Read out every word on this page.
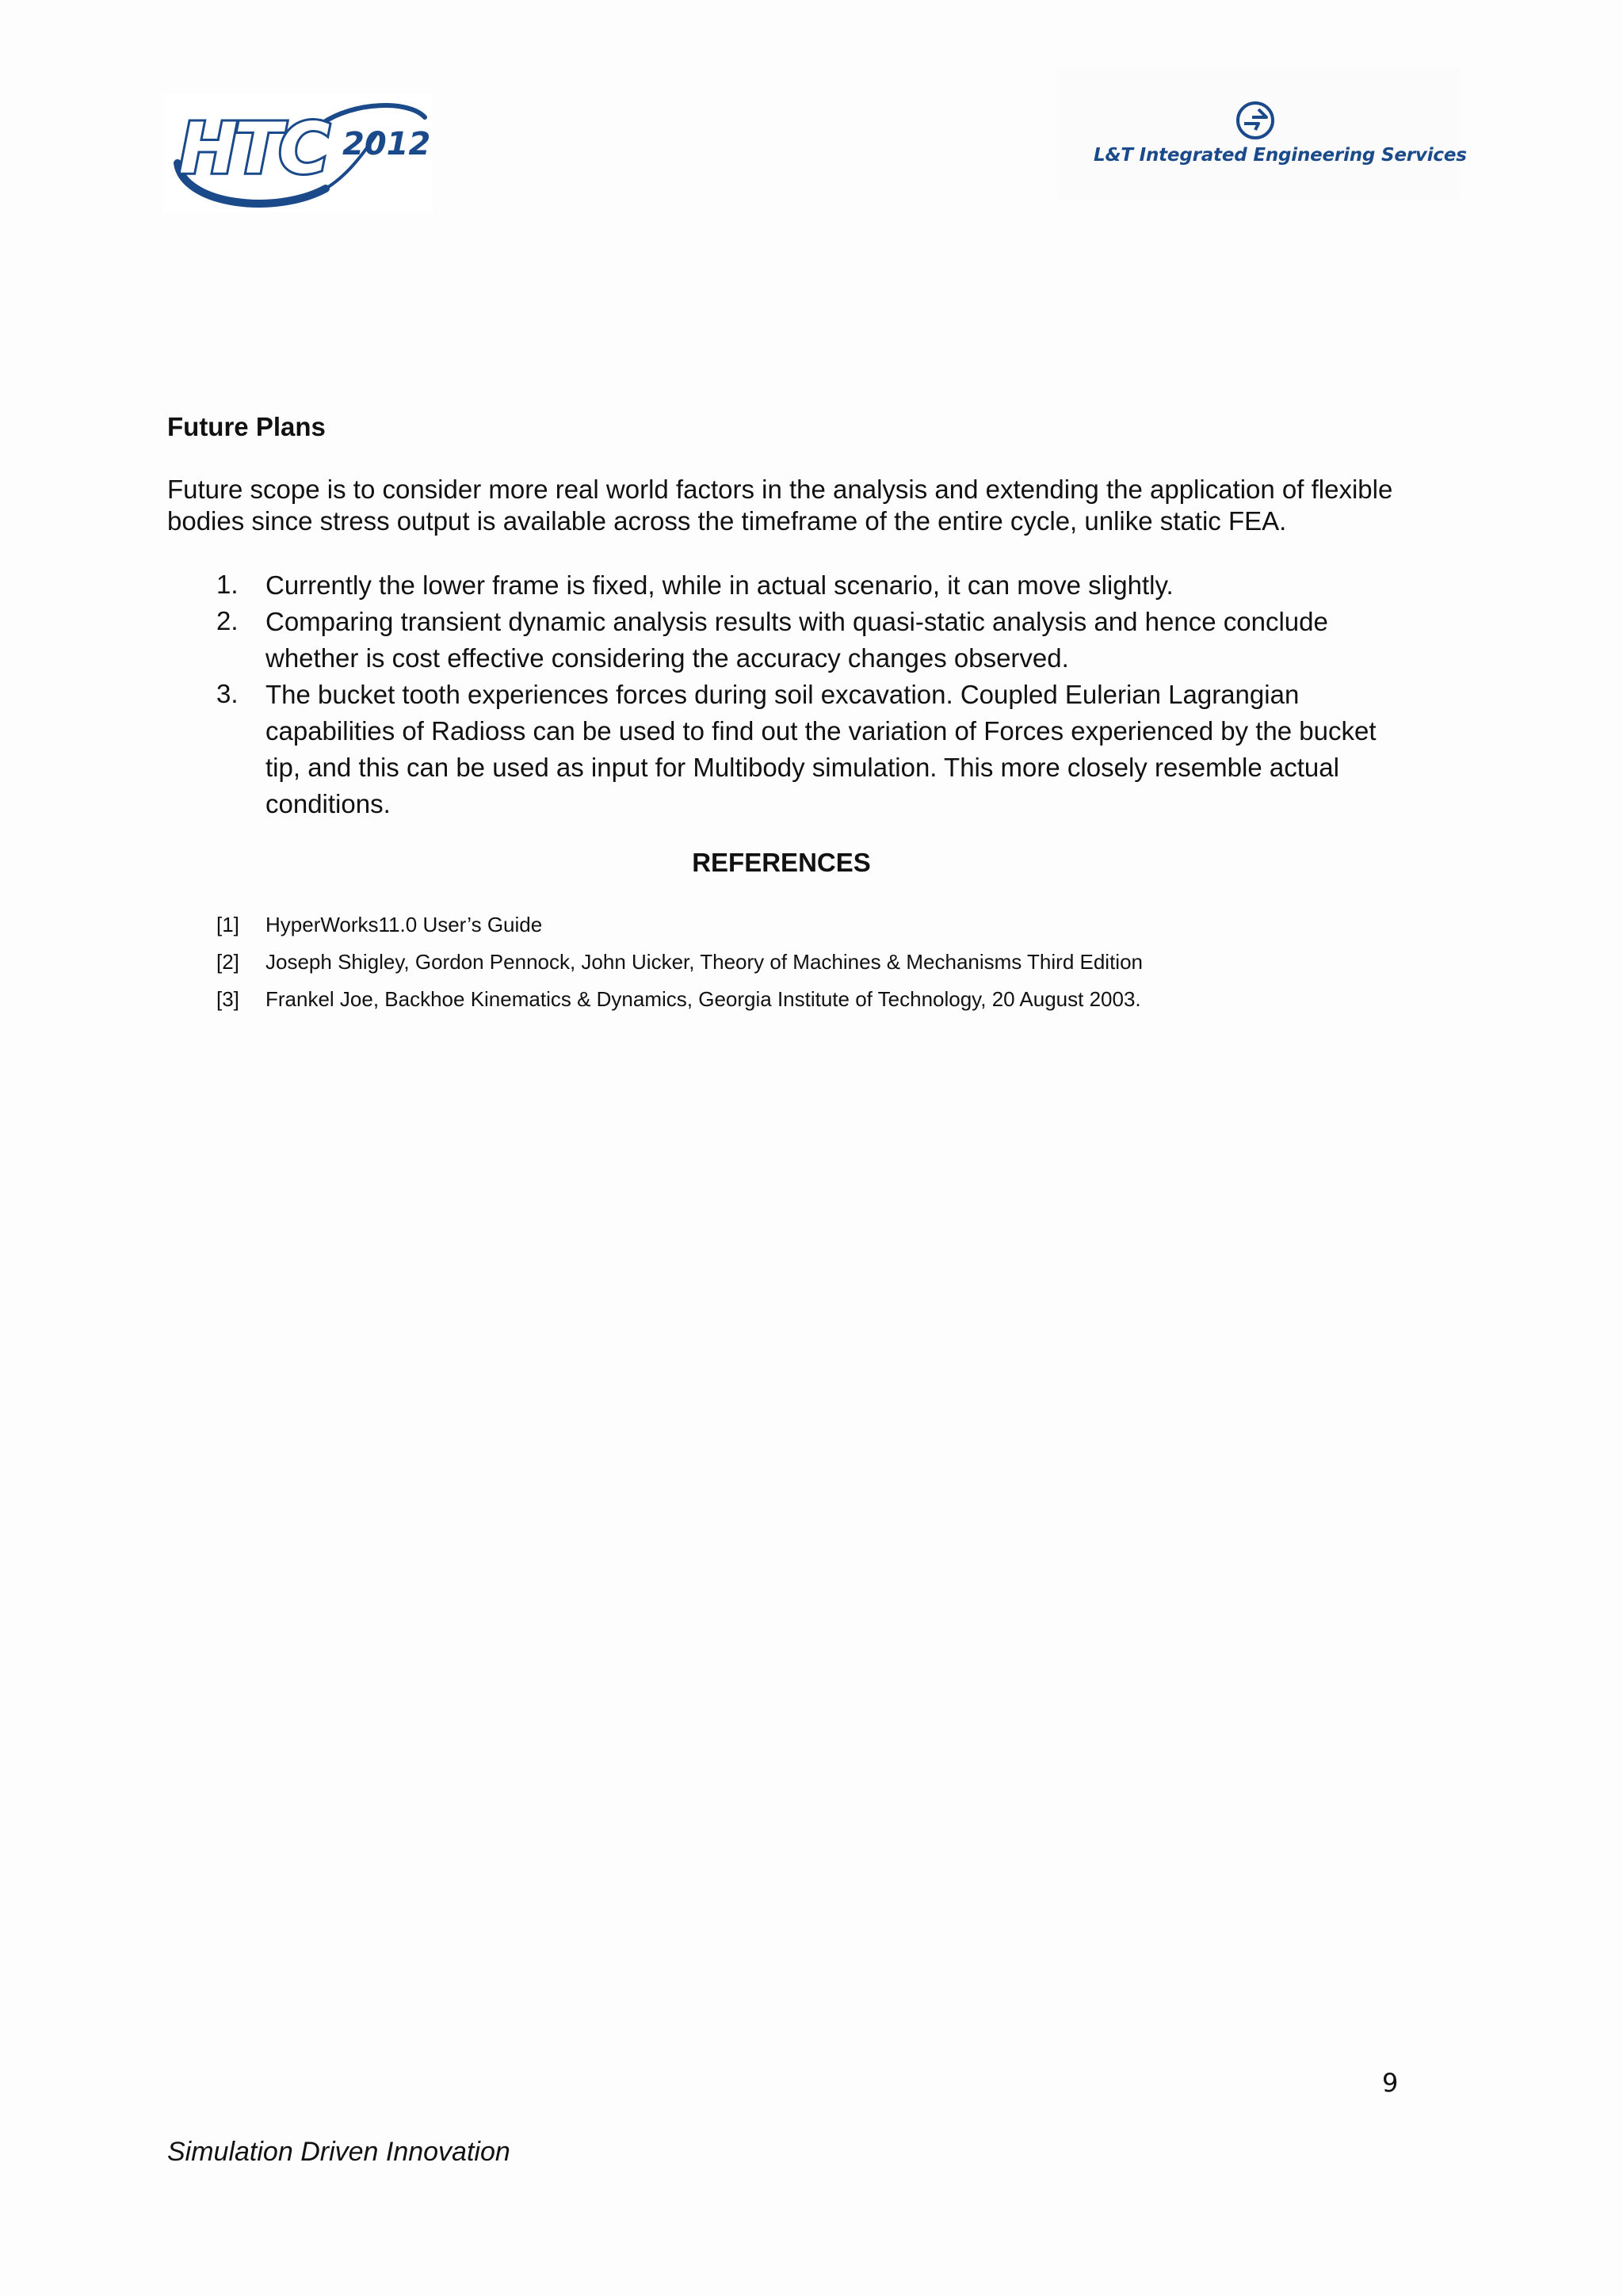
HTC 2012	L&T Integrated Engineering Services
Future Plans
Future scope is to consider more real world factors in the analysis and extending the application of flexible bodies since stress output is available across the timeframe of the entire cycle, unlike static FEA.
1. Currently the lower frame is fixed, while in actual scenario, it can move slightly.
2. Comparing transient dynamic analysis results with quasi-static analysis and hence conclude whether is cost effective considering the accuracy changes observed.
3. The bucket tooth experiences forces during soil excavation. Coupled Eulerian Lagrangian capabilities of Radioss can be used to find out the variation of Forces experienced by the bucket tip, and this can be used as input for Multibody simulation. This more closely resemble actual conditions.
REFERENCES
[1] HyperWorks11.0 User’s Guide
[2] Joseph Shigley, Gordon Pennock, John Uicker, Theory of Machines & Mechanisms Third Edition
[3] Frankel Joe, Backhoe Kinematics & Dynamics, Georgia Institute of Technology, 20 August 2003.
9
Simulation Driven Innovation
